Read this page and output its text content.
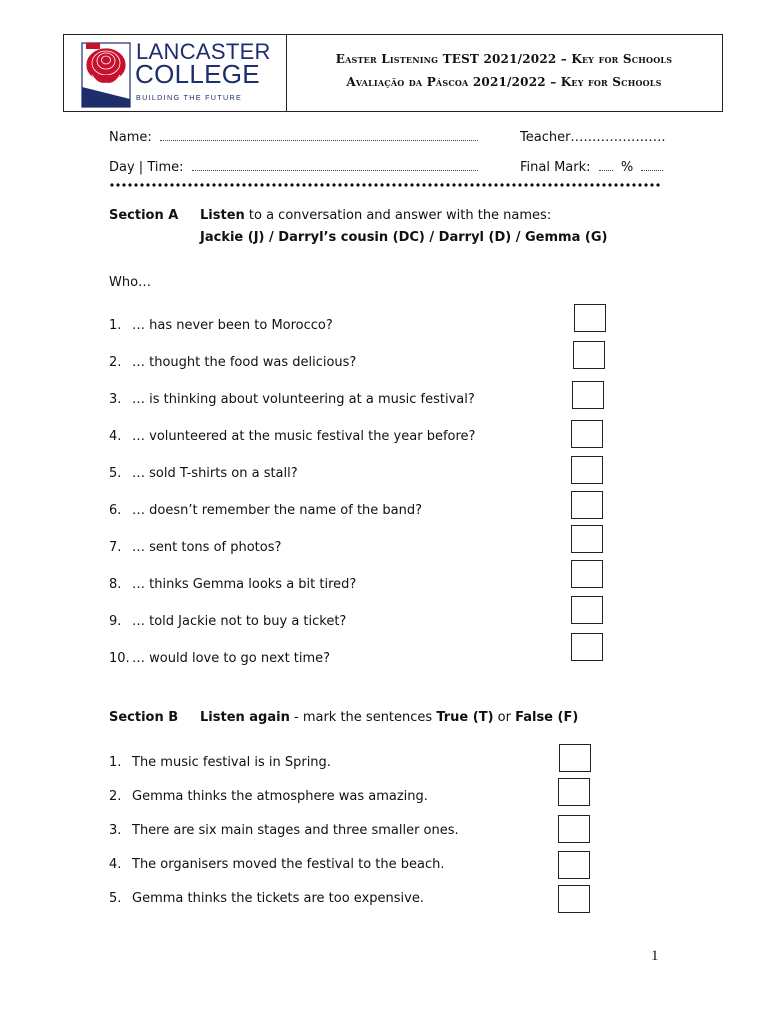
LANCASTER
COLLEGE
BUILDING THE FUTURE
Easter Listening TEST 2021/2022 – Key for Schools
Avaliação da Páscoa 2021/2022 – Key for Schools
Name:	Teacher………………….
Day | Time:	Final Mark: %
Section A Listen to a conversation and answer with the names:
Jackie (J) / Darryl’s cousin (DC) / Darryl (D) / Gemma (G)
Who…
1. … has never been to Morocco?
2. … thought the food was delicious?
3. … is thinking about volunteering at a music festival?
4. … volunteered at the music festival the year before?
5. … sold T-shirts on a stall?
6. … doesn’t remember the name of the band?
7. … sent tons of photos?
8. … thinks Gemma looks a bit tired?
9. … told Jackie not to buy a ticket?
10. … would love to go next time?
Section B Listen again - mark the sentences True (T) or False (F)
1. The music festival is in Spring.
2. Gemma thinks the atmosphere was amazing.
3. There are six main stages and three smaller ones.
4. The organisers moved the festival to the beach.
5. Gemma thinks the tickets are too expensive.
1
